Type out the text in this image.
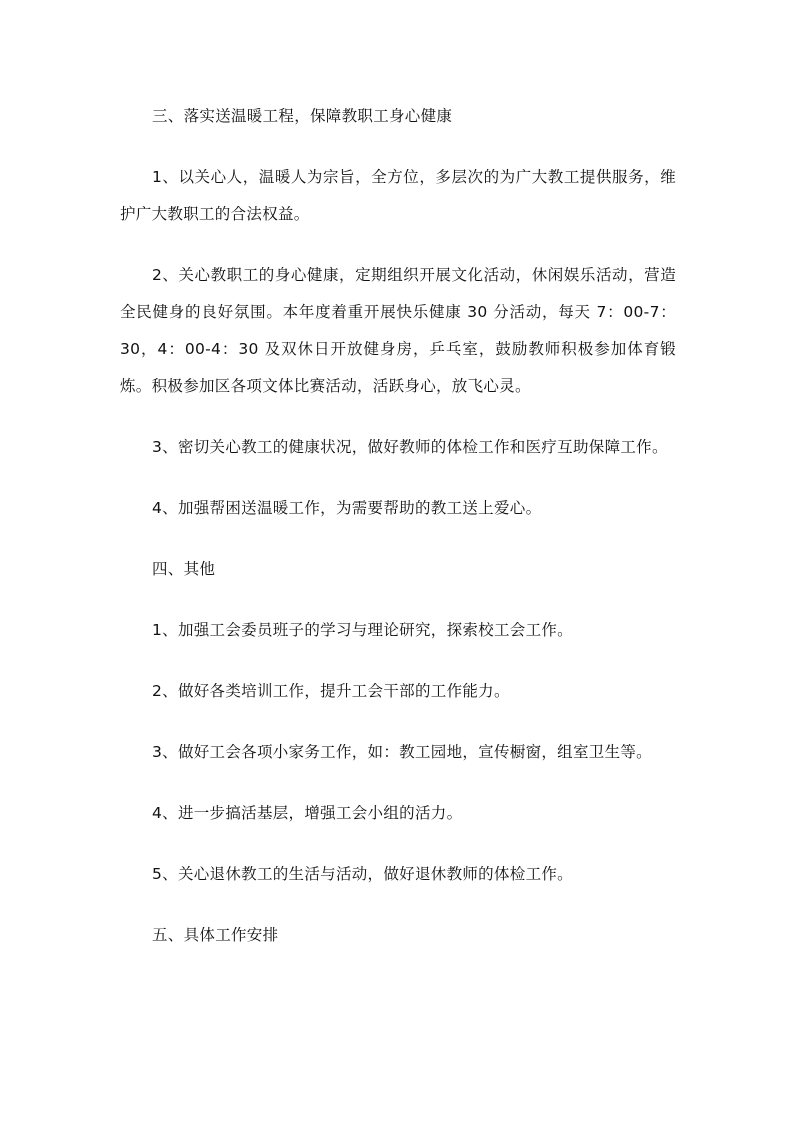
三、落实送温暖工程，保障教职工身心健康

1、以关心人，温暖人为宗旨，全方位，多层次的为广大教工提供服务，维护广大教职工的合法权益。

2、关心教职工的身心健康，定期组织开展文化活动，休闲娱乐活动，营造全民健身的良好氛围。本年度着重开展快乐健康 30 分活动，每天 7：00-7：30，4：00-4：30 及双休日开放健身房，乒乓室，鼓励教师积极参加体育锻炼。积极参加区各项文体比赛活动，活跃身心，放飞心灵。

3、密切关心教工的健康状况，做好教师的体检工作和医疗互助保障工作。

4、加强帮困送温暖工作，为需要帮助的教工送上爱心。

四、其他

1、加强工会委员班子的学习与理论研究，探索校工会工作。

2、做好各类培训工作，提升工会干部的工作能力。

3、做好工会各项小家务工作，如：教工园地，宣传橱窗，组室卫生等。

4、进一步搞活基层，增强工会小组的活力。

5、关心退休教工的生活与活动，做好退休教师的体检工作。

五、具体工作安排
